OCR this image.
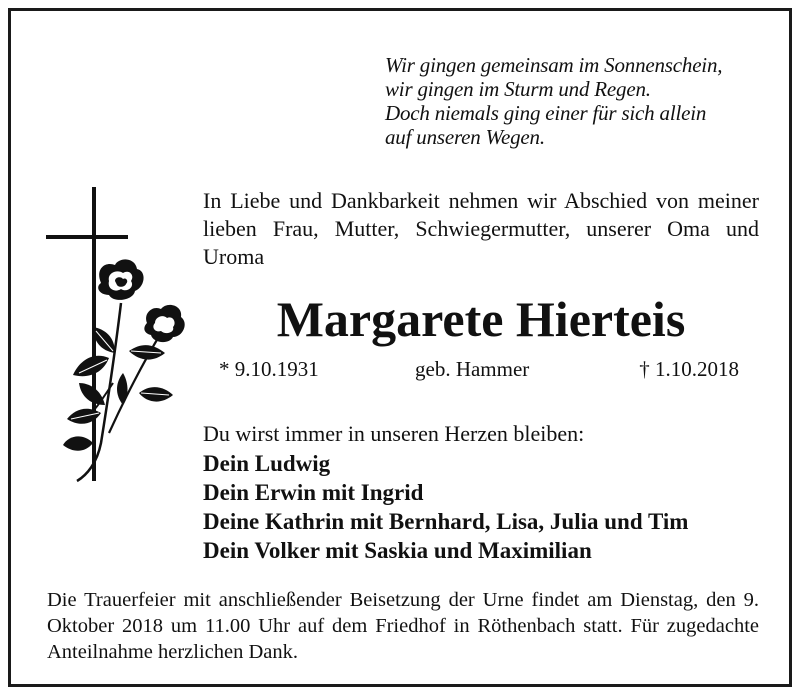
Wir gingen gemeinsam im Sonnenschein,
wir gingen im Sturm und Regen.
Doch niemals ging einer für sich allein
auf unseren Wegen.
In Liebe und Dankbarkeit nehmen wir Abschied von meiner lieben Frau, Mutter, Schwiegermutter, unserer Oma und Uroma
Margarete Hierteis
* 9.10.1931	geb. Hammer	† 1.10.2018
Du wirst immer in unseren Herzen bleiben:
Dein Ludwig
Dein Erwin mit Ingrid
Deine Kathrin mit Bernhard, Lisa, Julia und Tim
Dein Volker mit Saskia und Maximilian
Die Trauerfeier mit anschließender Beisetzung der Urne findet am Dienstag, den 9. Oktober 2018 um 11.00 Uhr auf dem Friedhof in Röthenbach statt. Für zugedachte Anteilnahme herzlichen Dank.
